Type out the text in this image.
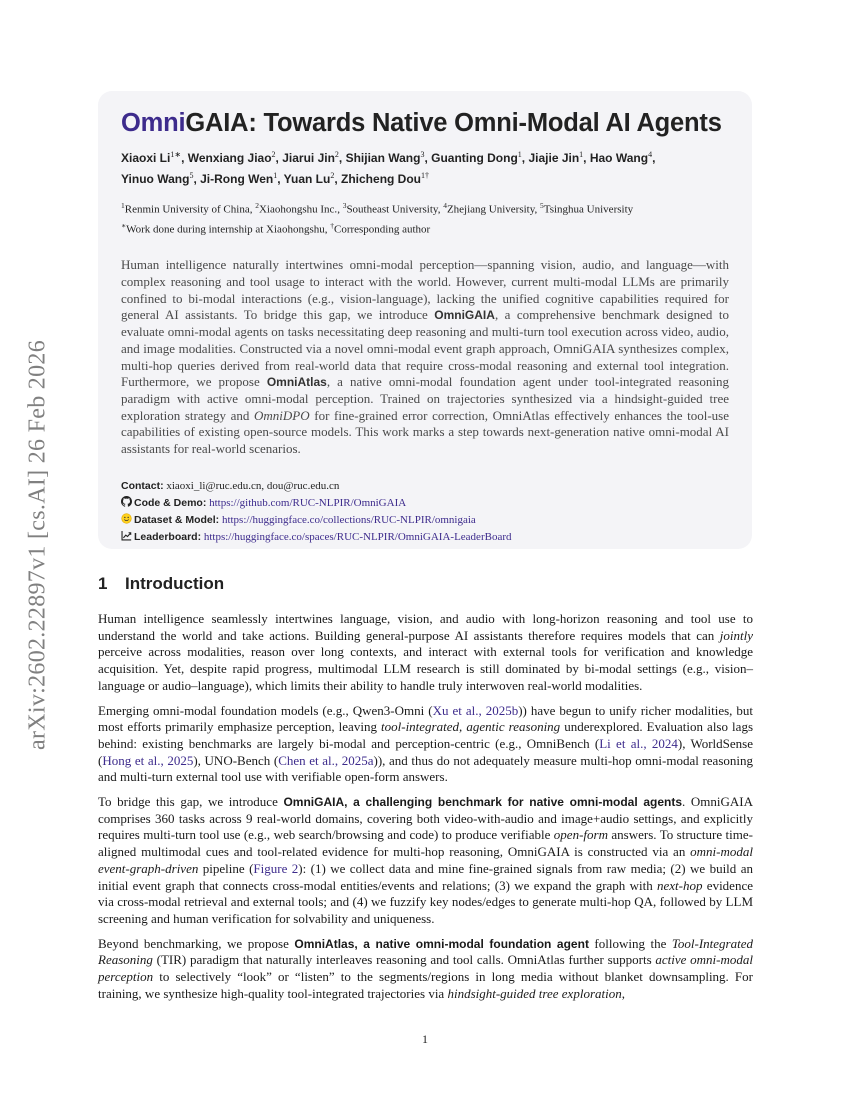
arXiv:2602.22897v1 [cs.AI] 26 Feb 2026
OmniGAIA: Towards Native Omni-Modal AI Agents
Xiaoxi $Li^{1∗}$, Wenxiang Jiao$^2$, Jiarui Jin$^2$, Shijian Wang$^3$, Guanting Dong$^1$, Jiajie Jin$^1$, Hao Wang$^4$,
Yinuo Wang$^5$, Ji-Rong Wen$^1$, Yuan Lu$^2$, Zhicheng Dou$^{1\dagger}$
$^1$Renmin University of China, $^2$Xiaohongshu Inc., $^3$Southeast University, $^4$Zhejiang University, $^5$Tsinghua University
∗Work done during internship at Xiaohongshu, †Corresponding author
Human intelligence naturally intertwines omni-modal perception—spanning vision, audio, and language—with complex reasoning and tool usage to interact with the world. However, current multi-modal LLMs are primarily confined to bi-modal interactions (e.g., vision-language), lacking the unified cognitive capabilities required for general AI assistants. To bridge this gap, we introduce OmniGAIA, a comprehensive benchmark designed to evaluate omni-modal agents on tasks necessitating deep reasoning and multi-turn tool execution across video, audio, and image modalities. Constructed via a novel omni-modal event graph approach, OmniGAIA synthesizes complex, multi-hop queries derived from real-world data that require cross-modal reasoning and external tool integration. Furthermore, we propose OmniAtlas, a native omni-modal foundation agent under tool-integrated reasoning paradigm with active omni-modal perception. Trained on trajectories synthesized via a hindsight-guided tree exploration strategy and OmniDPO for fine-grained error correction, OmniAtlas effectively enhances the tool-use capabilities of existing open-source models. This work marks a step towards next-generation native omni-modal AI assistants for real-world scenarios.
Contact: xiaoxi_li@ruc.edu.cn, dou@ruc.edu.cn
Code & Demo: https://github.com/RUC-NLPIR/OmniGAIA
Dataset & Model: https://huggingface.co/collections/RUC-NLPIR/omnigaia
Leaderboard: https://huggingface.co/spaces/RUC-NLPIR/OmniGAIA-LeaderBoard
1 Introduction

Human intelligence seamlessly intertwines language, vision, and audio with long-horizon reasoning and tool use to understand the world and take actions. Building general-purpose AI assistants therefore requires models that can jointly perceive across modalities, reason over long contexts, and interact with external tools for verification and knowledge acquisition. Yet, despite rapid progress, multimodal LLM research is still dominated by bi-modal settings (e.g., vision–language or audio–language), which limits their ability to handle truly interwoven real-world modalities.

Emerging omni-modal foundation models (e.g., Qwen3-Omni (Xu et al., 2025b)) have begun to unify richer modalities, but most efforts primarily emphasize perception, leaving tool-integrated, agentic reasoning underexplored. Evaluation also lags behind: existing benchmarks are largely bi-modal and perception-centric (e.g., OmniBench (Li et al., 2024), WorldSense (Hong et al., 2025), UNO-Bench (Chen et al., 2025a)), and thus do not adequately measure multi-hop omni-modal reasoning and multi-turn external tool use with verifiable open-form answers.

To bridge this gap, we introduce OmniGAIA, a challenging benchmark for native omni-modal agents. OmniGAIA comprises 360 tasks across 9 real-world domains, covering both video-with-audio and image+audio settings, and explicitly requires multi-turn tool use (e.g., web search/browsing and code) to produce verifiable open-form answers. To structure time-aligned multimodal cues and tool-related evidence for multi-hop reasoning, OmniGAIA is constructed via an omni-modal event-graph-driven pipeline (Figure 2): (1) we collect data and mine fine-grained signals from raw media; (2) we build an initial event graph that connects cross-modal entities/events and relations; (3) we expand the graph with next-hop evidence via cross-modal retrieval and external tools; and (4) we fuzzify key nodes/edges to generate multi-hop QA, followed by LLM screening and human verification for solvability and uniqueness.

Beyond benchmarking, we propose OmniAtlas, a native omni-modal foundation agent following the Tool-Integrated Reasoning (TIR) paradigm that naturally interleaves reasoning and tool calls. OmniAtlas further supports active omni-modal perception to selectively “look” or “listen” to the segments/regions in long media without blanket downsampling. For training, we synthesize high-quality tool-integrated trajectories via hindsight-guided tree exploration,

1
